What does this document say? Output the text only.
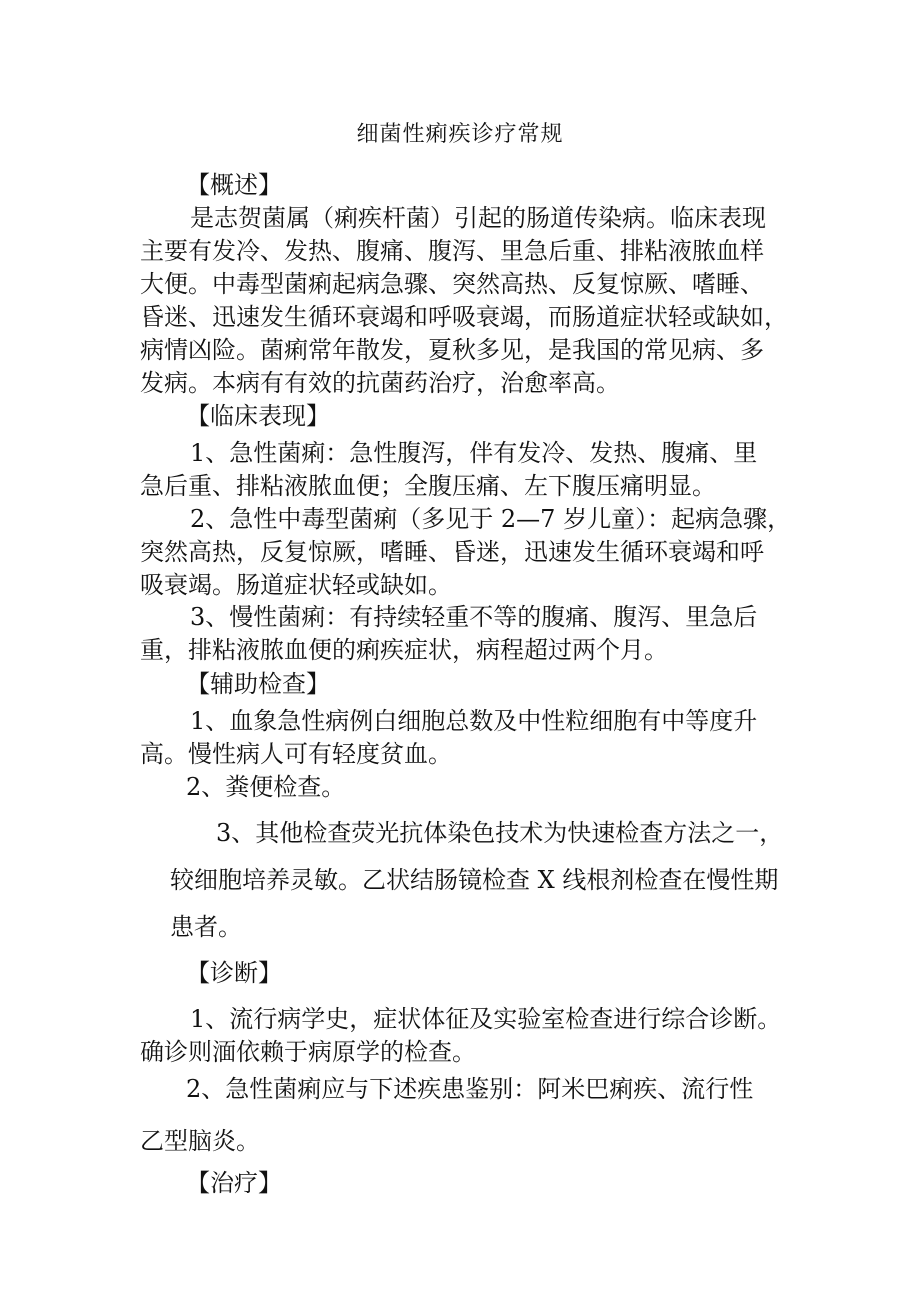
细菌性痢疾诊疗常规
【概述】
是志贺菌属（痢疾杆菌）引起的肠道传染病。临床表现
主要有发冷、发热、腹痛、腹泻、里急后重、排粘液脓血样
大便。中毒型菌痢起病急骤、突然高热、反复惊厥、嗜睡、
昏迷、迅速发生循环衰竭和呼吸衰竭，而肠道症状轻或缺如，
病情凶险。菌痢常年散发，夏秋多见，是我国的常见病、多
发病。本病有有效的抗菌药治疗，治愈率高。
【临床表现】
1、急性菌痢：急性腹泻，伴有发冷、发热、腹痛、里
急后重、排粘液脓血便；全腹压痛、左下腹压痛明显。
2、急性中毒型菌痢（多见于 2—7 岁儿童）：起病急骤，
突然高热，反复惊厥，嗜睡、昏迷，迅速发生循环衰竭和呼
吸衰竭。肠道症状轻或缺如。
3、慢性菌痢：有持续轻重不等的腹痛、腹泻、里急后
重，排粘液脓血便的痢疾症状，病程超过两个月。
【辅助检查】
1、血象急性病例白细胞总数及中性粒细胞有中等度升
高。慢性病人可有轻度贫血。
2、粪便检查。
3、其他检查荧光抗体染色技术为快速检查方法之一，
较细胞培养灵敏。乙状结肠镜检查 X 线根剂检查在慢性期
患者。
【诊断】
1、流行病学史，症状体征及实验室检查进行综合诊断。
确诊则湎依赖于病原学的检查。
2、急性菌痢应与下述疾患鉴别：阿米巴痢疾、流行性
乙型脑炎。
【治疗】
